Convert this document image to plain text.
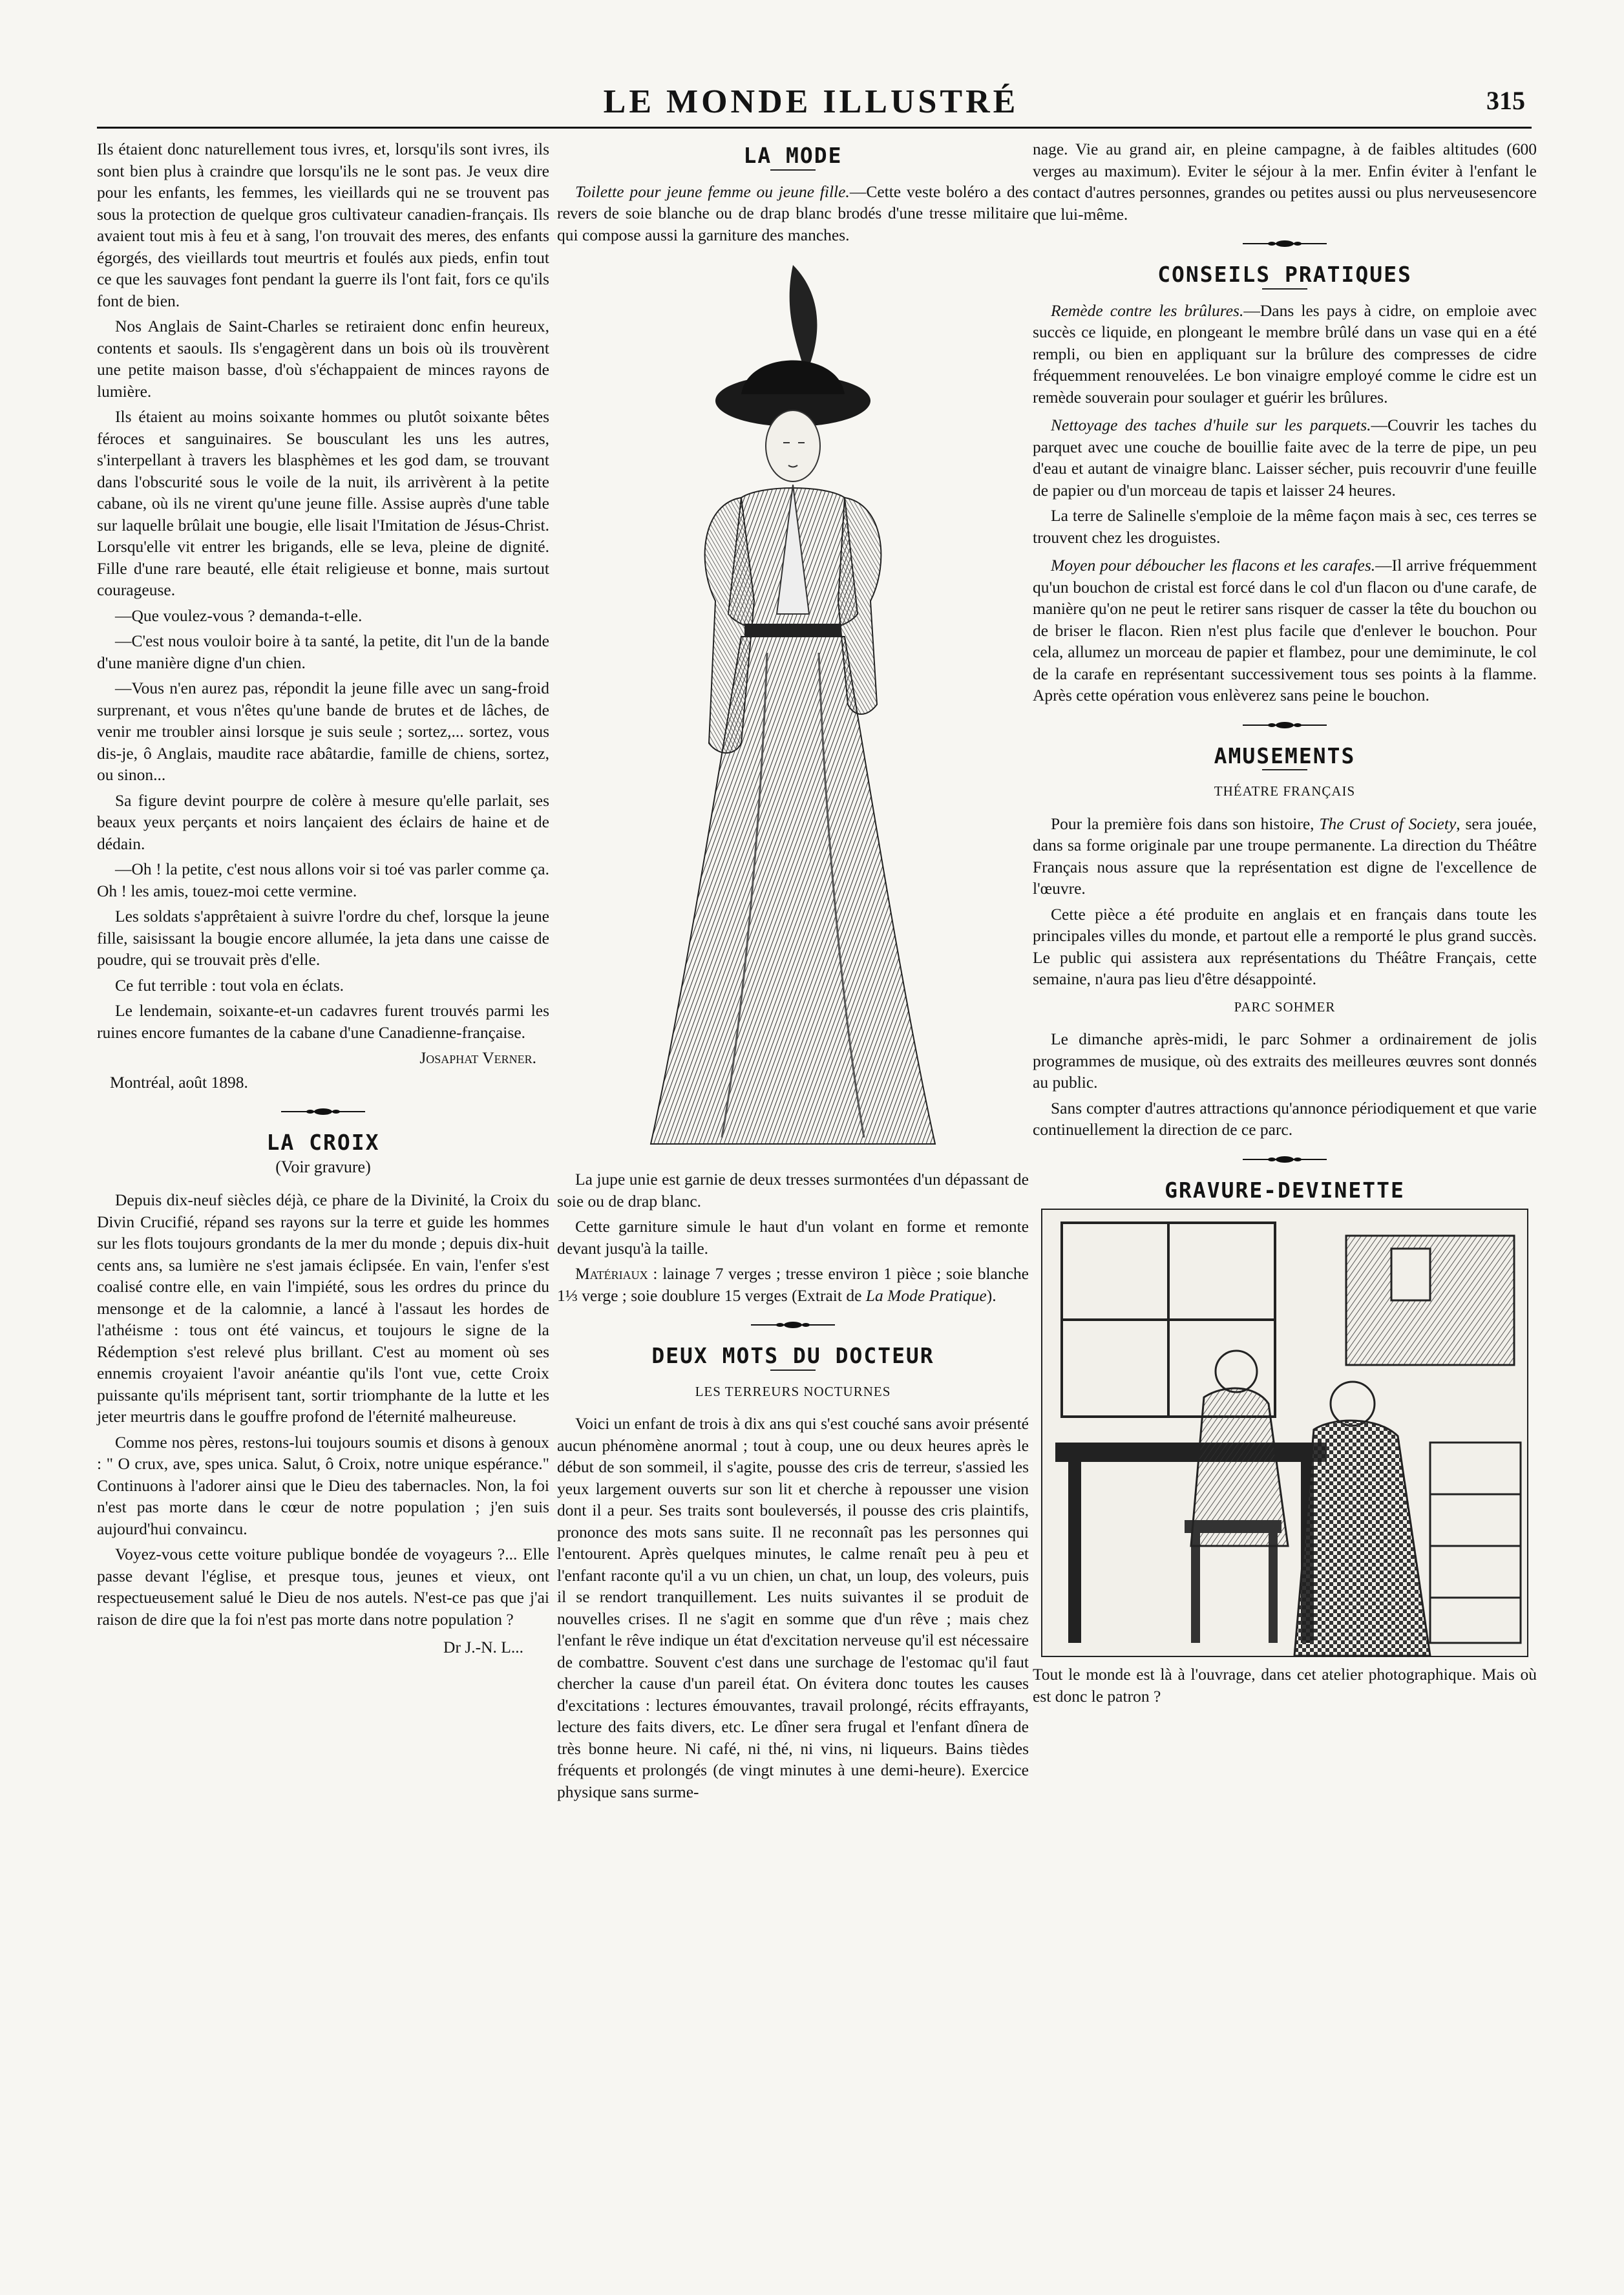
LE MONDE ILLUSTRÉ	315

Ils étaient donc naturellement tous ivres, et, lorsqu'ils sont ivres, ils sont bien plus à craindre que lorsqu'ils ne le sont pas. Je veux dire pour les enfants, les femmes, les vieillards qui ne se trouvent pas sous la protection de quelque gros cultivateur canadien-français. Ils avaient tout mis à feu et à sang, l'on trouvait des meres, des enfants égorgés, des vieillards tout meurtris et foulés aux pieds, enfin tout ce que les sauvages font pendant la guerre ils l'ont fait, fors ce qu'ils font de bien.

Nos Anglais de Saint-Charles se retiraient donc enfin heureux, contents et saouls. Ils s'engagèrent dans un bois où ils trouvèrent une petite maison basse, d'où s'échappaient de minces rayons de lumière.

Ils étaient au moins soixante hommes ou plutôt soixante bêtes féroces et sanguinaires. Se bousculant les uns les autres, s'interpellant à travers les blasphèmes et les god dam, se trouvant dans l'obscurité sous le voile de la nuit, ils arrivèrent à la petite cabane, où ils ne virent qu'une jeune fille. Assise auprès d'une table sur laquelle brûlait une bougie, elle lisait l'Imitation de Jésus-Christ. Lorsqu'elle vit entrer les brigands, elle se leva, pleine de dignité. Fille d'une rare beauté, elle était religieuse et bonne, mais surtout courageuse.

—Que voulez-vous ? demanda-t-elle.

—C'est nous vouloir boire à ta santé, la petite, dit l'un de la bande d'une manière digne d'un chien.

—Vous n'en aurez pas, répondit la jeune fille avec un sang-froid surprenant, et vous n'êtes qu'une bande de brutes et de lâches, de venir me troubler ainsi lorsque je suis seule ; sortez,... sortez, vous dis-je, ô Anglais, maudite race abâtardie, famille de chiens, sortez, ou sinon...

Sa figure devint pourpre de colère à mesure qu'elle parlait, ses beaux yeux perçants et noirs lançaient des éclairs de haine et de dédain.

—Oh ! la petite, c'est nous allons voir si toé vas parler comme ça. Oh ! les amis, touez-moi cette vermine.

Les soldats s'apprêtaient à suivre l'ordre du chef, lorsque la jeune fille, saisissant la bougie encore allumée, la jeta dans une caisse de poudre, qui se trouvait près d'elle.

Ce fut terrible : tout vola en éclats.

Le lendemain, soixante-et-un cadavres furent trouvés parmi les ruines encore fumantes de la cabane d'une Canadienne-française.

Josaphat Verner.

Montréal, août 1898.

LA CROIX
(Voir gravure)

Depuis dix-neuf siècles déjà, ce phare de la Divinité, la Croix du Divin Crucifié, répand ses rayons sur la terre et guide les hommes sur les flots toujours grondants de la mer du monde ; depuis dix-huit cents ans, sa lumière ne s'est jamais éclipsée. En vain, l'enfer s'est coalisé contre elle, en vain l'impiété, sous les ordres du prince du mensonge et de la calomnie, a lancé à l'assaut les hordes de l'athéisme : tous ont été vaincus, et toujours le signe de la Rédemption s'est relevé plus brillant. C'est au moment où ses ennemis croyaient l'avoir anéantie qu'ils l'ont vue, cette Croix puissante qu'ils méprisent tant, sortir triomphante de la lutte et les jeter meurtris dans le gouffre profond de l'éternité malheureuse.

Comme nos pères, restons-lui toujours soumis et disons à genoux : " O crux, ave, spes unica. Salut, ô Croix, notre unique espérance." Continuons à l'adorer ainsi que le Dieu des tabernacles. Non, la foi n'est pas morte dans le cœur de notre population ; j'en suis aujourd'hui convaincu.

Voyez-vous cette voiture publique bondée de voyageurs ?... Elle passe devant l'église, et presque tous, jeunes et vieux, ont respectueusement salué le Dieu de nos autels. N'est-ce pas que j'ai raison de dire que la foi n'est pas morte dans notre population ?

Dr J.-N. L...

LA MODE

Toilette pour jeune femme ou jeune fille.—Cette veste boléro a des revers de soie blanche ou de drap blanc brodés d'une tresse militaire qui compose aussi la garniture des manches.

La jupe unie est garnie de deux tresses surmontées d'un dépassant de soie ou de drap blanc.

Cette garniture simule le haut d'un volant en forme et remonte devant jusqu'à la taille.

Matériaux : lainage 7 verges ; tresse environ 1 pièce ; soie blanche 1⅓ verge ; soie doublure 15 verges (Extrait de La Mode Pratique).

DEUX MOTS DU DOCTEUR
LES TERREURS NOCTURNES

Voici un enfant de trois à dix ans qui s'est couché sans avoir présenté aucun phénomène anormal ; tout à coup, une ou deux heures après le début de son sommeil, il s'agite, pousse des cris de terreur, s'assied les yeux largement ouverts sur son lit et cherche à repousser une vision dont il a peur. Ses traits sont bouleversés, il pousse des cris plaintifs, prononce des mots sans suite. Il ne reconnaît pas les personnes qui l'entourent. Après quelques minutes, le calme renaît peu à peu et l'enfant raconte qu'il a vu un chien, un chat, un loup, des voleurs, puis il se rendort tranquillement. Les nuits suivantes il se produit de nouvelles crises. Il ne s'agit en somme que d'un rêve ; mais chez l'enfant le rêve indique un état d'excitation nerveuse qu'il est nécessaire de combattre. Souvent c'est dans une surchage de l'estomac qu'il faut chercher la cause d'un pareil état. On évitera donc toutes les causes d'excitations : lectures émouvantes, travail prolongé, récits effrayants, lecture des faits divers, etc. Le dîner sera frugal et l'enfant dînera de très bonne heure. Ni café, ni thé, ni vins, ni liqueurs. Bains tièdes fréquents et prolongés (de vingt minutes à une demi-heure). Exercice physique sans surme-

nage. Vie au grand air, en pleine campagne, à de faibles altitudes (600 verges au maximum). Eviter le séjour à la mer. Enfin éviter à l'enfant le contact d'autres personnes, grandes ou petites aussi ou plus nerveusesencore que lui-même.

CONSEILS PRATIQUES

Remède contre les brûlures.—Dans les pays à cidre, on emploie avec succès ce liquide, en plongeant le membre brûlé dans un vase qui en a été rempli, ou bien en appliquant sur la brûlure des compresses de cidre fréquemment renouvelées. Le bon vinaigre employé comme le cidre est un remède souverain pour soulager et guérir les brûlures.

Nettoyage des taches d'huile sur les parquets.—Couvrir les taches du parquet avec une couche de bouillie faite avec de la terre de pipe, un peu d'eau et autant de vinaigre blanc. Laisser sécher, puis recouvrir d'une feuille de papier ou d'un morceau de tapis et laisser 24 heures.

La terre de Salinelle s'emploie de la même façon mais à sec, ces terres se trouvent chez les droguistes.

Moyen pour déboucher les flacons et les carafes.—Il arrive fréquemment qu'un bouchon de cristal est forcé dans le col d'un flacon ou d'une carafe, de manière qu'on ne peut le retirer sans risquer de casser la tête du bouchon ou de briser le flacon. Rien n'est plus facile que d'enlever le bouchon. Pour cela, allumez un morceau de papier et flambez, pour une demiminute, le col de la carafe en représentant successivement tous ses points à la flamme. Après cette opération vous enlèverez sans peine le bouchon.

AMUSEMENTS
THÉATRE FRANÇAIS

Pour la première fois dans son histoire, The Crust of Society, sera jouée, dans sa forme originale par une troupe permanente. La direction du Théâtre Français nous assure que la représentation est digne de l'excellence de l'œuvre.

Cette pièce a été produite en anglais et en français dans toute les principales villes du monde, et partout elle a remporté le plus grand succès. Le public qui assistera aux représentations du Théâtre Français, cette semaine, n'aura pas lieu d'être désappointé.

PARC SOHMER

Le dimanche après-midi, le parc Sohmer a ordinairement de jolis programmes de musique, où des extraits des meilleures œuvres sont donnés au public.

Sans compter d'autres attractions qu'annonce périodiquement et que varie continuellement la direction de ce parc.

GRAVURE-DEVINETTE

Tout le monde est là à l'ouvrage, dans cet atelier photographique. Mais où est donc le patron ?
